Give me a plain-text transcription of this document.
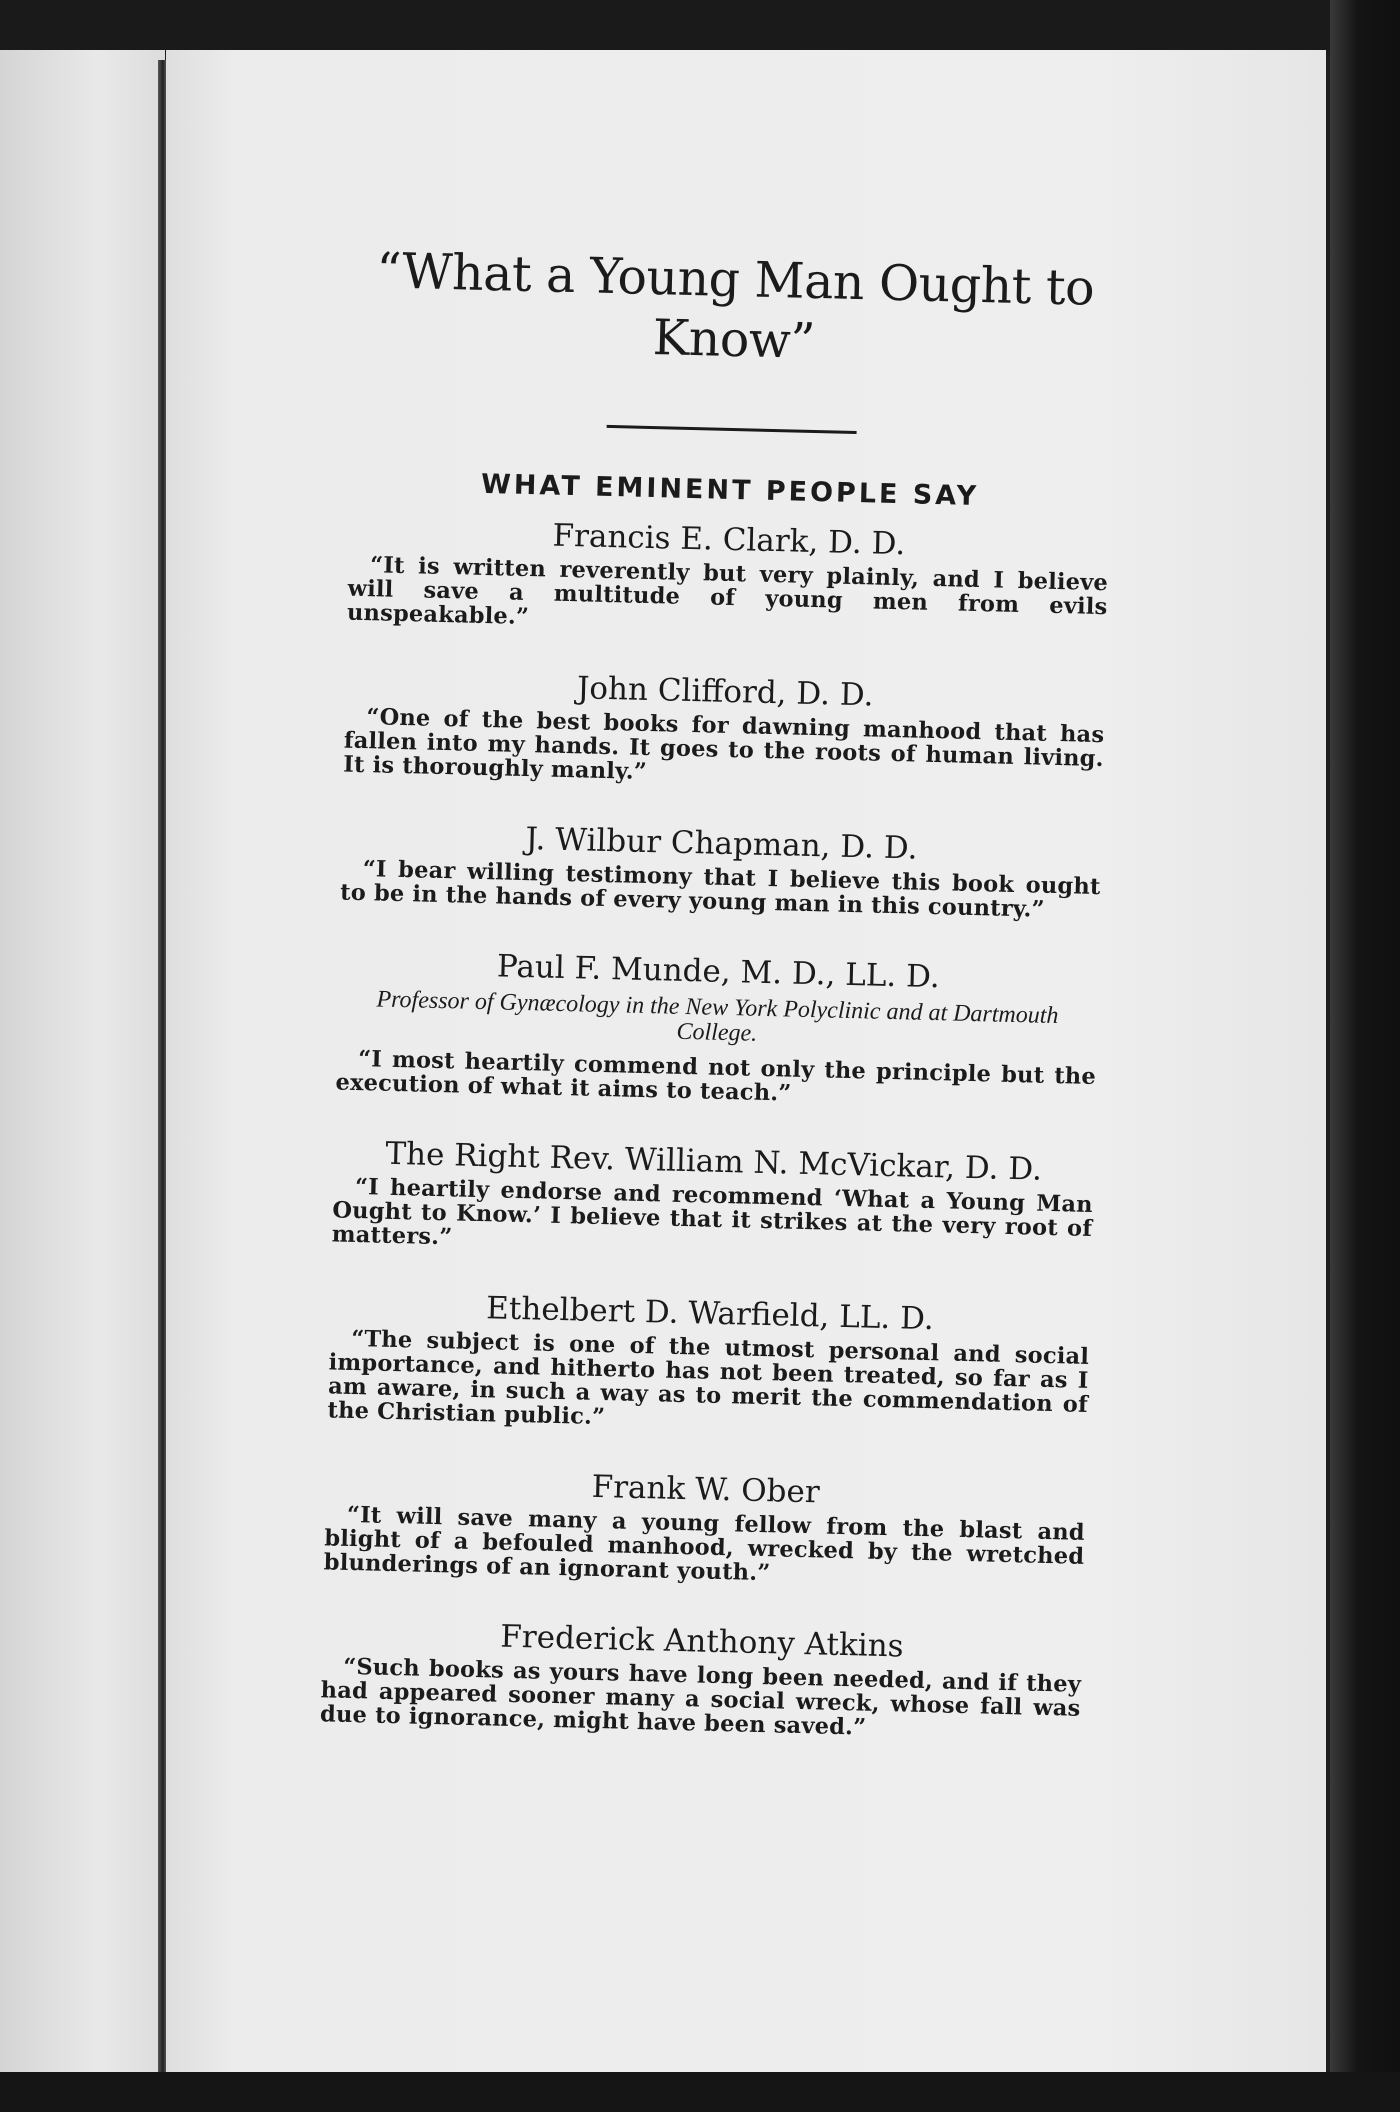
“What a Young Man Ought to Know”
WHAT EMINENT PEOPLE SAY
Francis E. Clark, D. D.

“It is written reverently but very plainly, and I believe will save a multitude of young men from evils unspeakable.”

John Clifford, D. D.

“One of the best books for dawning manhood that has fallen into my hands. It goes to the roots of human living. It is thoroughly manly.”

J. Wilbur Chapman, D. D.

“I bear willing testimony that I believe this book ought to be in the hands of every young man in this country.”

Paul F. Munde, M. D., LL. D.
Professor of Gynæcology in the New York Polyclinic and at Dartmouth College.

“I most heartily commend not only the principle but the execution of what it aims to teach.”

The Right Rev. William N. McVickar, D. D.

“I heartily endorse and recommend ‘What a Young Man Ought to Know.’ I believe that it strikes at the very root of matters.”

Ethelbert D. Warfield, LL. D.

“The subject is one of the utmost personal and social importance, and hitherto has not been treated, so far as I am aware, in such a way as to merit the commendation of the Christian public.”

Frank W. Ober

“It will save many a young fellow from the blast and blight of a befouled manhood, wrecked by the wretched blunderings of an ignorant youth.”

Frederick Anthony Atkins

“Such books as yours have long been needed, and if they had appeared sooner many a social wreck, whose fall was due to ignorance, might have been saved.”
